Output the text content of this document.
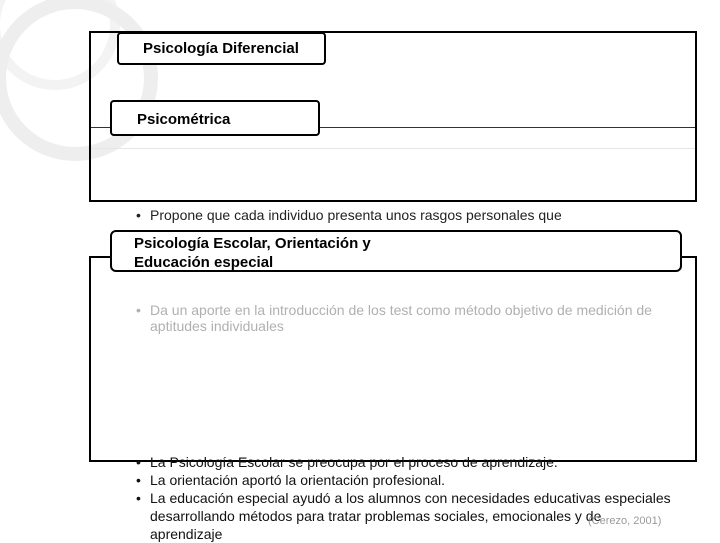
• Propone que cada individuo presenta unos rasgos personales que
• Da un aporte en la introducción de los test como método objetivo de medición de aptitudes individuales
• La Psicología Escolar se preocupa por el proceso de aprendizaje.
• La orientación aportó la orientación profesional.
• La educación especial ayudó a los alumnos con necesidades educativas especiales desarrollando métodos para tratar problemas sociales, emocionales y de aprendizaje
Psicología Diferencial
Psicométrica
Psicología Escolar, Orientación y
Educación especial
(Cerezo, 2001)
